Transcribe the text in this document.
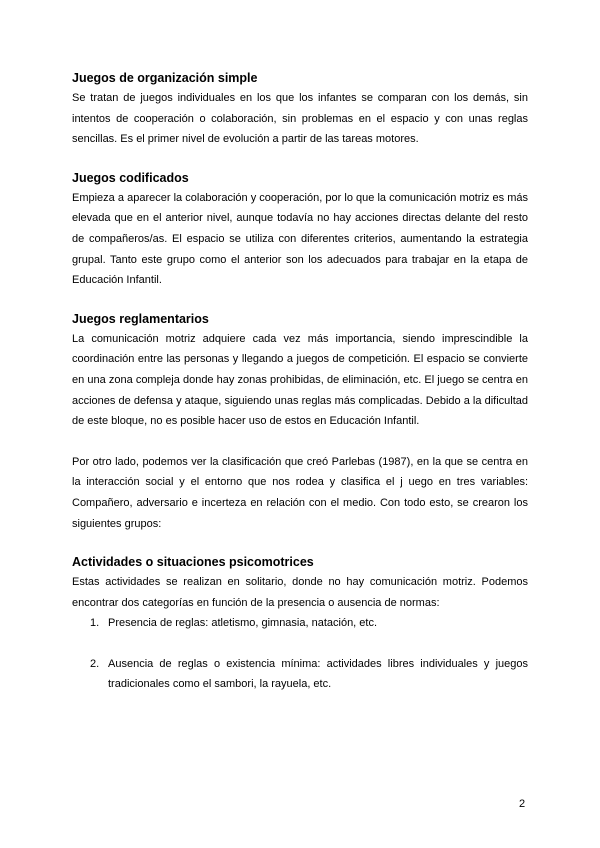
Juegos de organización simple

Se tratan de juegos individuales en los que los infantes se comparan con los demás, sin intentos de cooperación o colaboración, sin problemas en el espacio y con unas reglas sencillas. Es el primer nivel de evolución a partir de las tareas motores.

Juegos codificados

Empieza a aparecer la colaboración y cooperación, por lo que la comunicación motriz es más elevada que en el anterior nivel, aunque todavía no hay acciones directas delante del resto de compañeros/as. El espacio se utiliza con diferentes criterios, aumentando la estrategia grupal. Tanto este grupo como el anterior son los adecuados para trabajar en la etapa de Educación Infantil.

Juegos reglamentarios

La comunicación motriz adquiere cada vez más importancia, siendo imprescindible la coordinación entre las personas y llegando a juegos de competición. El espacio se convierte en una zona compleja donde hay zonas prohibidas, de eliminación, etc. El juego se centra en acciones de defensa y ataque, siguiendo unas reglas más complicadas. Debido a la dificultad de este bloque, no es posible hacer uso de estos en Educación Infantil.

Por otro lado, podemos ver la clasificación que creó Parlebas (1987), en la que se centra en la interacción social y el entorno que nos rodea y clasifica el j uego en tres variables: Compañero, adversario e incerteza en relación con el medio. Con todo esto, se crearon los siguientes grupos:

Actividades o situaciones psicomotrices

Estas actividades se realizan en solitario, donde no hay comunicación motriz. Podemos encontrar dos categorías en función de la presencia o ausencia de normas:

1. Presencia de reglas: atletismo, gimnasia, natación, etc.
2. Ausencia de reglas o existencia mínima: actividades libres individuales y juegos tradicionales como el sambori, la rayuela, etc.
2
